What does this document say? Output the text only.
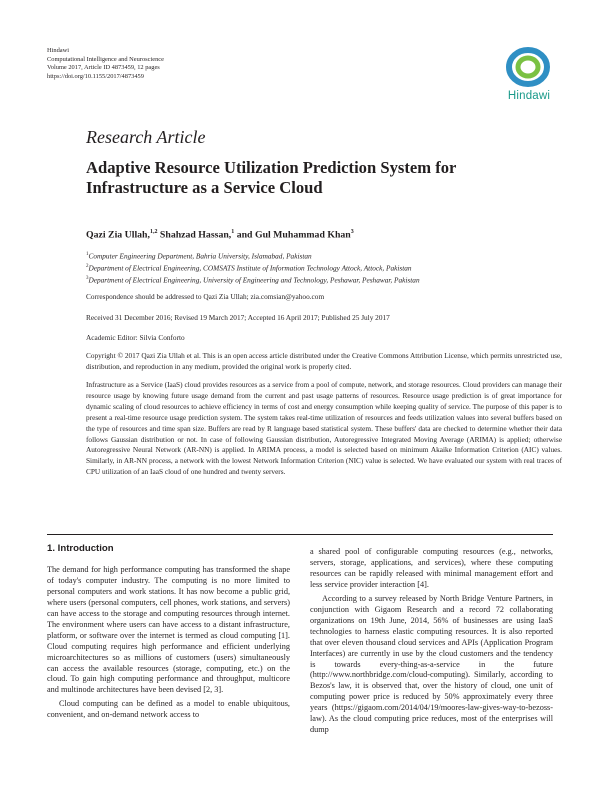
Hindawi
Computational Intelligence and Neuroscience
Volume 2017, Article ID 4873459, 12 pages
https://doi.org/10.1155/2017/4873459
Hindawi
Research Article
Adaptive Resource Utilization Prediction System for
Infrastructure as a Service Cloud
Qazi Zia Ullah,$^{1,2}$ Shahzad Hassan,$^1$ and Gul Muhammad Khan$^3$
$^1$Computer Engineering Department, Bahria University, Islamabad, Pakistan
$^2$Department of Electrical Engineering, COMSATS Institute of Information Technology Attock, Attock, Pakistan
$^3$Department of Electrical Engineering, University of Engineering and Technology, Peshawar, Peshawar, Pakistan
Correspondence should be addressed to Qazi Zia Ullah; zia.comsian@yahoo.com
Received 31 December 2016; Revised 19 March 2017; Accepted 16 April 2017; Published 25 July 2017
Academic Editor: Silvia Conforto
Copyright © 2017 Qazi Zia Ullah et al. This is an open access article distributed under the Creative Commons Attribution License, which permits unrestricted use, distribution, and reproduction in any medium, provided the original work is properly cited.
Infrastructure as a Service (IaaS) cloud provides resources as a service from a pool of compute, network, and storage resources. Cloud providers can manage their resource usage by knowing future usage demand from the current and past usage patterns of resources. Resource usage prediction is of great importance for dynamic scaling of cloud resources to achieve efficiency in terms of cost and energy consumption while keeping quality of service. The purpose of this paper is to present a real-time resource usage prediction system. The system takes real-time utilization of resources and feeds utilization values into several buffers based on the type of resources and time span size. Buffers are read by R language based statistical system. These buffers' data are checked to determine whether their data follows Gaussian distribution or not. In case of following Gaussian distribution, Autoregressive Integrated Moving Average (ARIMA) is applied; otherwise Autoregressive Neural Network (AR-NN) is applied. In ARIMA process, a model is selected based on minimum Akaike Information Criterion (AIC) values. Similarly, in AR-NN process, a network with the lowest Network Information Criterion (NIC) value is selected. We have evaluated our system with real traces of CPU utilization of an IaaS cloud of one hundred and twenty servers.
1. Introduction
The demand for high performance computing has transformed the shape of today's computer industry. The computing is no more limited to personal computers and work stations. It has now become a public grid, where users (personal computers, cell phones, work stations, and servers) can have access to the storage and computing resources through internet. The environment where users can have access to a distant infrastructure, platform, or software over the internet is termed as cloud computing [1]. Cloud computing requires high performance and efficient underlying microarchitectures so as millions of customers (users) simultaneously can access the available resources (storage, computing, etc.) on the cloud. To gain high computing performance and throughput, multicore and multinode architectures have been devised [2, 3].
Cloud computing can be defined as a model to enable ubiquitous, convenient, and on-demand network access to
a shared pool of configurable computing resources (e.g., networks, servers, storage, applications, and services), where these computing resources can be rapidly released with minimal management effort and less service provider interaction [4].
According to a survey released by North Bridge Venture Partners, in conjunction with Gigaom Research and a record 72 collaborating organizations on 19th June, 2014, 56% of businesses are using IaaS technologies to harness elastic computing resources. It is also reported that over eleven thousand cloud services and APIs (Application Program Interfaces) are currently in use by the cloud customers and the tendency is towards every-thing-as-a-service in the future (http://www.northbridge.com/cloud-computing). Similarly, according to Bezos's law, it is observed that, over the history of cloud, one unit of computing power price is reduced by 50% approximately every three years (https://gigaom.com/2014/04/19/moores-law-gives-way-to-bezoss-law). As the cloud computing price reduces, most of the enterprises will dump
